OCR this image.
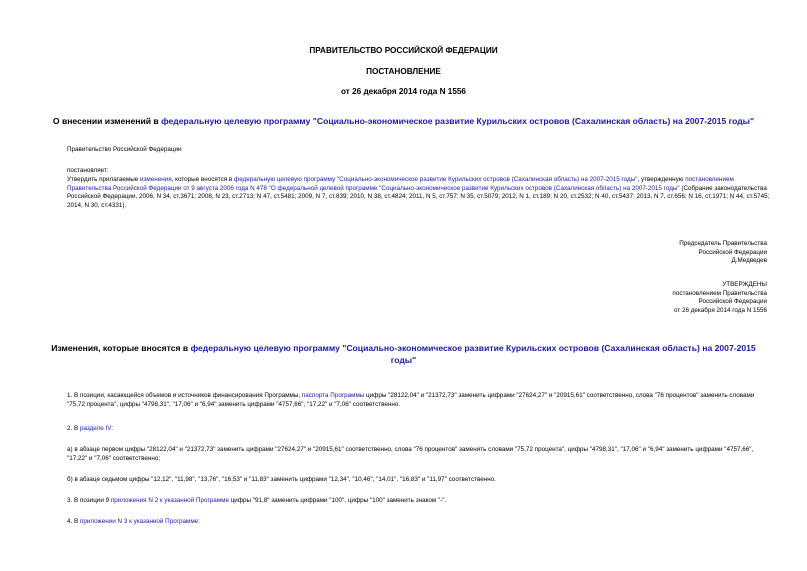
ПРАВИТЕЛЬСТВО РОССИЙСКОЙ ФЕДЕРАЦИИ
ПОСТАНОВЛЕНИЕ
от 26 декабря 2014 года N 1556
О внесении изменений в федеральную целевую программу "Социально-экономическое развитие Курильских островов (Сахалинская область) на 2007-2015 годы"
Правительство Российской Федерации
постановляет:
Утвердить прилагаемые изменения, которые вносятся в федеральную целевую программу "Социально-экономическое развитие Курильских островов (Сахалинская область) на 2007-2015 годы", утвержденную постановлением Правительства Российской Федерации от 9 августа 2006 года N 478 "О федеральной целевой программе "Социально-экономическое развитие Курильских островов (Сахалинская область) на 2007-2015 годы" (Собрание законодательства Российской Федерации, 2006, N 34, ст.3671; 2008, N 23, ст.2713; N 47, ст.5481; 2009, N 7, ст.839; 2010, N 38, ст.4824; 2011, N 5, ст.757; N 35, ст.5079; 2012, N 1, ст.189; N 20, ст.2532; N 40, ст.5437; 2013, N 7, ст.656; N 16, ст.1971; N 44, ст.5745; 2014, N 30, ст.4331).
Председатель Правительства
Российской Федерации
Д.Медведев
УТВЕРЖДЕНЫ
постановлением Правительства
Российской Федерации
от 26 декабря 2014 года N 1556
Изменения, которые вносятся в федеральную целевую программу "Социально-экономическое развитие Курильских островов (Сахалинская область) на 2007-2015
годы"
1. В позиции, касающейся объемов и источников финансирования Программы, паспорта Программы цифры "28122,04" и "21372,73" заменить цифрами "27624,27" и "20915,61" соответственно, слова "76 процентов" заменить словами "75,72 процента", цифры "4798,31", "17,06" и "6,94" заменить цифрами "4757,66", "17,22" и "7,06" соответственно.
2. В разделе IV:
а) в абзаце первом цифры "28122,04" и "21372,73" заменить цифрами "27624,27" и "20915,61" соответственно, слова "76 процентов" заменить словами "75,72 процента", цифры "4798,31", "17,06" и "6,94" заменить цифрами "4757,66", "17,22" и "7,06" соответственно;
б) в абзаце седьмом цифры "12,12", "11,98", "13,76", "16,53" и "11,83" заменить цифрами "12,34", "10,46", "14,01", "16,83" и "11,97" соответственно.
3. В позиции 9 приложения N 2 к указанной Программе цифры "91,8" заменить цифрами "100", цифры "100" заменить знаком "-".
4. В приложении N 3 к указанной Программе:
